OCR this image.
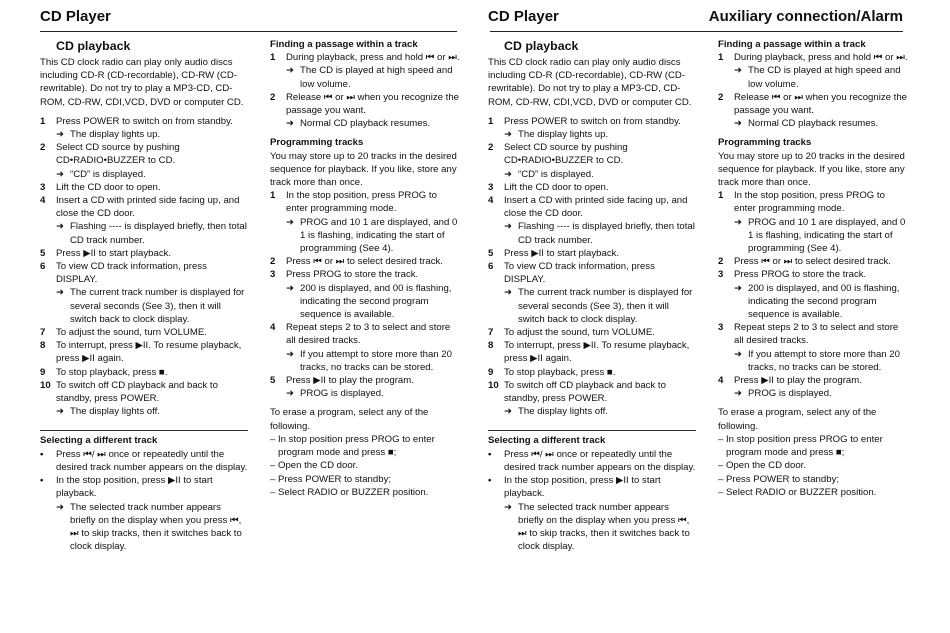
CD Player
CD playback
This CD clock radio can play only audio discs including CD-R (CD-recordable), CD-RW (CD-rewritable). Do not try to play a MP3-CD, CD-ROM, CD-RW, CDI,VCD, DVD or computer CD.
1	Press POWER to switch on from standby.
➜ The display lights up.
2	Select CD source by pushing CD•RADIO•BUZZER to CD.
➜ “CD” is displayed.
3	Lift the CD door to open.
4	Insert a CD with printed side facing up, and close the CD door.
➜ Flashing ---- is displayed briefly, then total CD track number.
5	Press ▶II to start playback.
6	To view CD track information, press DISPLAY.
➜ The current track number is displayed for several seconds (See 3), then it will switch back to clock display.
7	To adjust the sound, turn VOLUME.
8	To interrupt, press ▶II. To resume playback, press ▶II again.
9	To stop playback, press ■.
10 To switch off CD playback and back to standby, press POWER.
➜ The display lights off.
Selecting a different track
•	Press ⏮/ ⏭ once or repeatedly until the desired track number appears on the display.
•	In the stop position, press ▶II to start playback.
➜ The selected track number appears briefly on the display when you press ⏮, ⏭ to skip tracks, then it switches back to clock display.
Finding a passage within a track
1	During playback, press and hold ⏮ or ⏭.
➜ The CD is played at high speed and low volume.
2	Release ⏮ or ⏭ when you recognize the passage you want.
➜ Normal CD playback resumes.
Programming tracks
You may store up to 20 tracks in the desired sequence for playback. If you like, store any track more than once.
1	In the stop position, press PROG to enter programming mode.
➜ PROG and 10 1 are displayed, and 0 1 is flashing, indicating the start of programming (See 4).
2	Press ⏮ or ⏭ to select desired track.
3	Press PROG to store the track.
➜ 200 is displayed, and 00 is flashing, indicating the second program sequence is available.
4	Repeat steps 2 to 3 to select and store all desired tracks.
➜ If you attempt to store more than 20 tracks, no tracks can be stored.
5	Press ▶II to play the program.
➜ PROG is displayed.
To erase a program, select any of the following.
– In stop position press PROG to enter program mode and press ■;
– Open the CD door.
– Press POWER to standby;
– Select RADIO or BUZZER position.
CD Player	Auxiliary connection/Alarm
CD playback
This CD clock radio can play only audio discs including CD-R (CD-recordable), CD-RW (CD-rewritable). Do not try to play a MP3-CD, CD-ROM, CD-RW, CDI,VCD, DVD or computer CD.
1	Press POWER to switch on from standby.
➜ The display lights up.
2	Select CD source by pushing CD•RADIO•BUZZER to CD.
➜ “CD” is displayed.
3	Lift the CD door to open.
4	Insert a CD with printed side facing up, and close the CD door.
➜ Flashing ---- is displayed briefly, then total CD track number.
5	Press ▶II to start playback.
6	To view CD track information, press DISPLAY.
➜ The current track number is displayed for several seconds (See 3), then it will switch back to clock display.
7	To adjust the sound, turn VOLUME.
8	To interrupt, press ▶II. To resume playback, press ▶II again.
9	To stop playback, press ■.
10 To switch off CD playback and back to standby, press POWER.
➜ The display lights off.
Selecting a different track
•	Press ⏮/ ⏭ once or repeatedly until the desired track number appears on the display.
•	In the stop position, press ▶II to start playback.
➜ The selected track number appears briefly on the display when you press ⏮, ⏭ to skip tracks, then it switches back to clock display.
Finding a passage within a track
1	During playback, press and hold ⏮ or ⏭.
➜ The CD is played at high speed and low volume.
2	Release ⏮ or ⏭ when you recognize the passage you want.
➜ Normal CD playback resumes.
Programming tracks
You may store up to 20 tracks in the desired sequence for playback. If you like, store any track more than once.
1	In the stop position, press PROG to enter programming mode.
➜ PROG and 10 1 are displayed, and 0 1 is flashing, indicating the start of programming (See 4).
2	Press ⏮ or ⏭ to select desired track.
3	Press PROG to store the track.
➜ 200 is displayed, and 00 is flashing, indicating the second program sequence is available.
3	Repeat steps 2 to 3 to select and store all desired tracks.
➜ If you attempt to store more than 20 tracks, no tracks can be stored.
4	Press ▶II to play the program.
➜ PROG is displayed.
To erase a program, select any of the following.
– In stop position press PROG to enter program mode and press ■;
– Open the CD door.
– Press POWER to standby;
– Select RADIO or BUZZER position.
